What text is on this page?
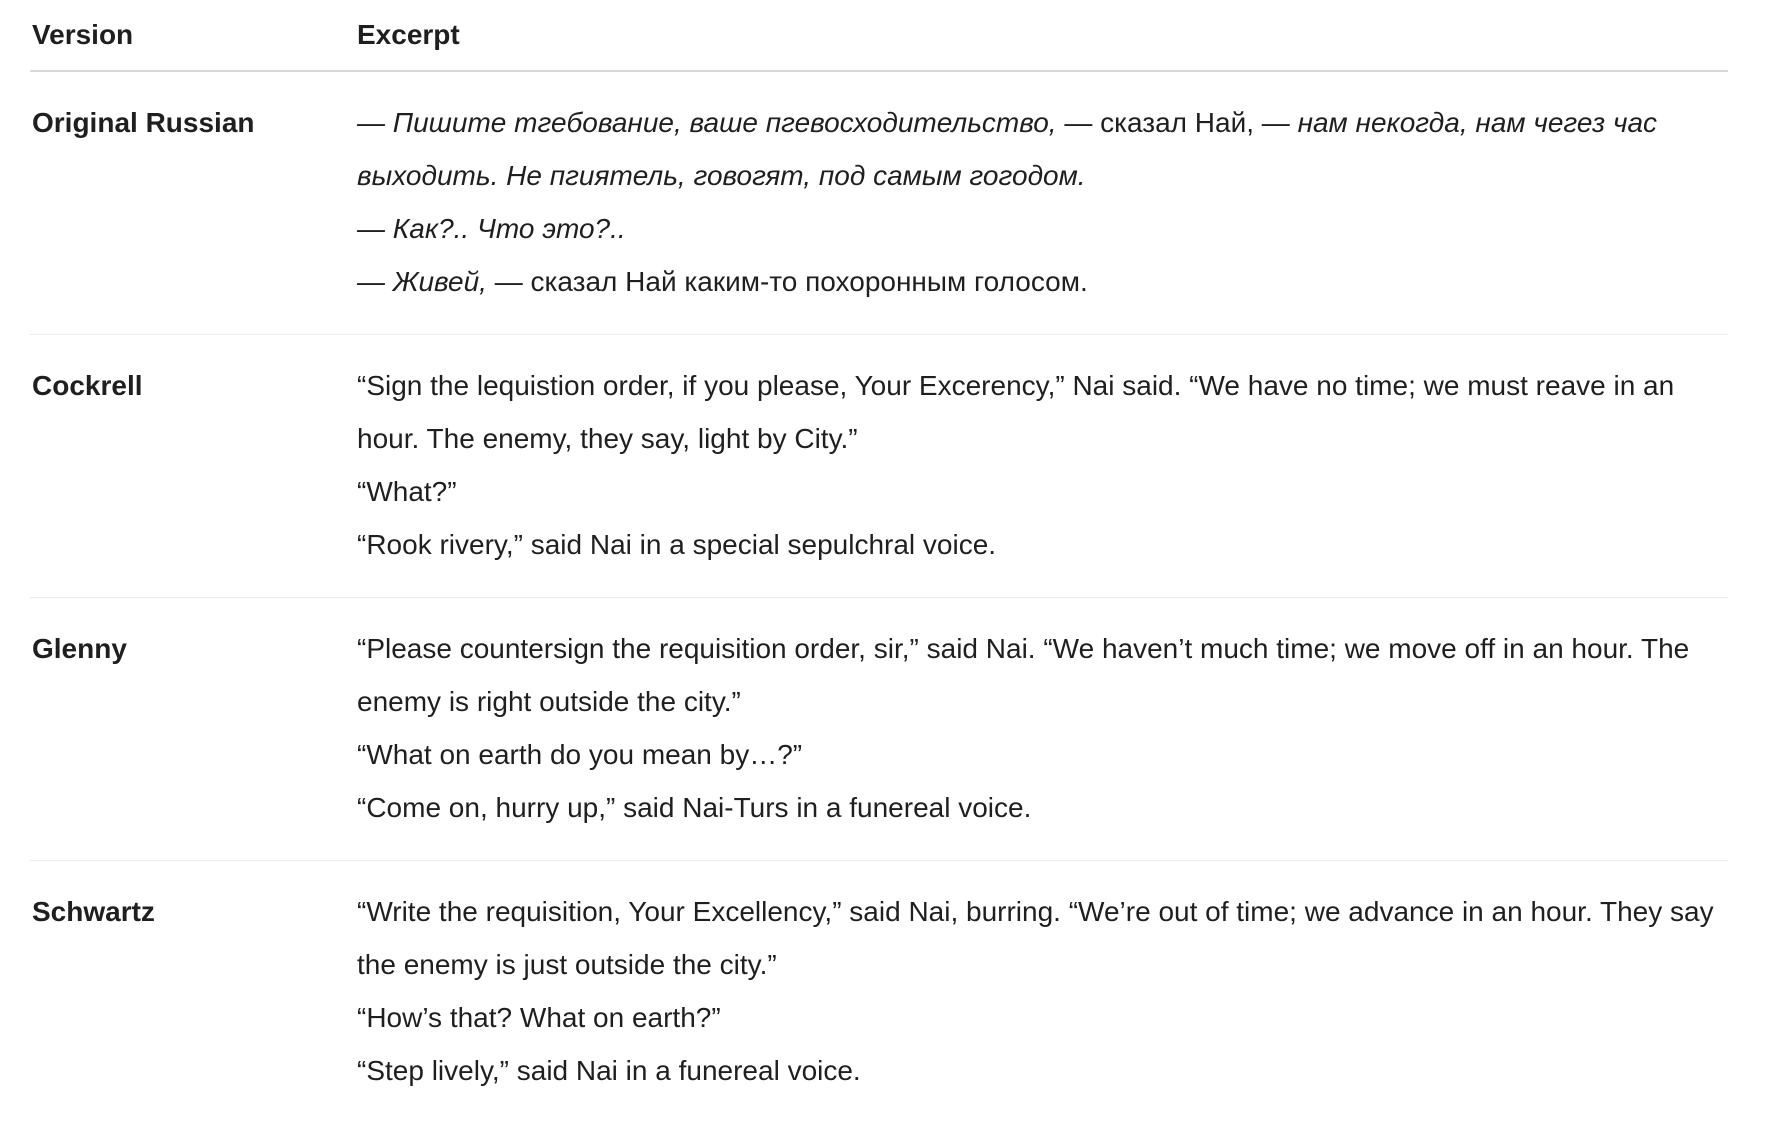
Version	Excerpt
Original Russian	— Пишите тгебование, ваше пгевосходительство, — сказал Най, — нам некогда, нам чегез час выходить. Не пгиятель, говогят, под самым гогодом.
— Как?.. Что это?..
— Живей, — сказал Най каким-то похоронным голосом.

Cockrell	“Sign the lequistion order, if you please, Your Excerency,” Nai said. “We have no time; we must reave in an hour. The enemy, they say, light by City.”
“What?”
“Rook rivery,” said Nai in a special sepulchral voice.

Glenny	“Please countersign the requisition order, sir,” said Nai. “We haven’t much time; we move off in an hour. The enemy is right outside the city.”
“What on earth do you mean by…?”
“Come on, hurry up,” said Nai-Turs in a funereal voice.

Schwartz	“Write the requisition, Your Excellency,” said Nai, burring. “We’re out of time; we advance in an hour. They say the enemy is just outside the city.”
“How’s that? What on earth?”
“Step lively,” said Nai in a funereal voice.
